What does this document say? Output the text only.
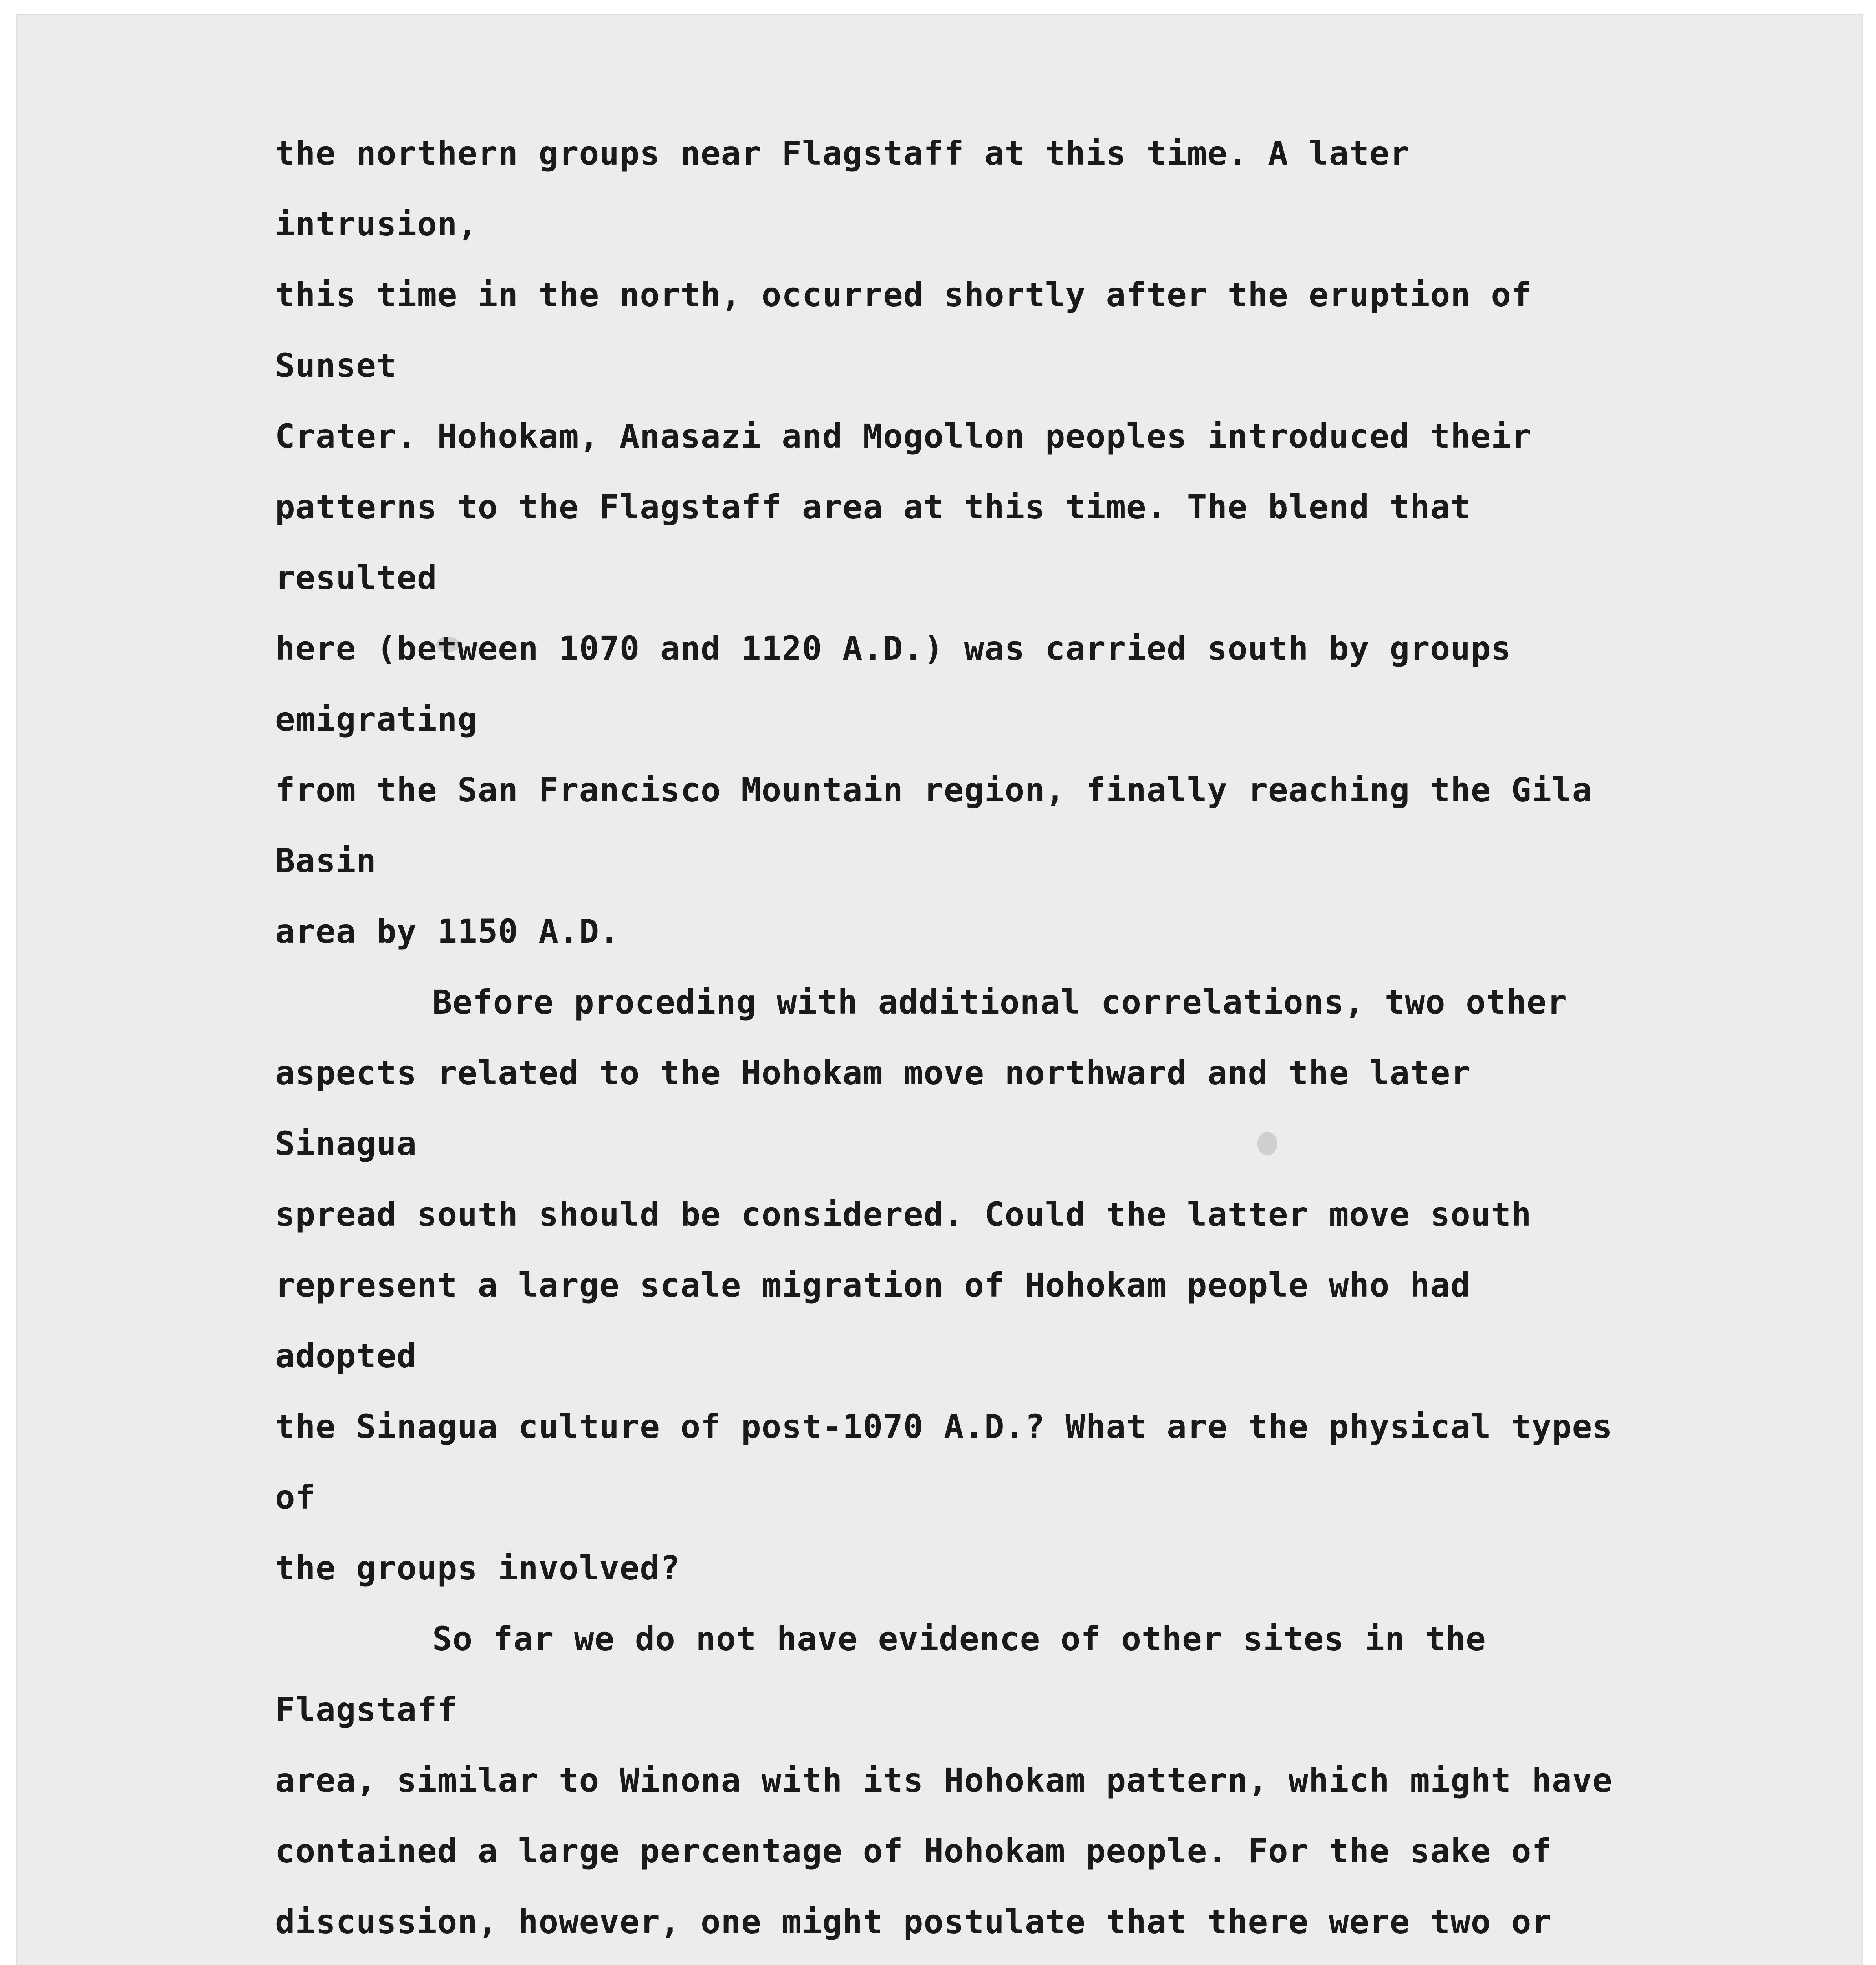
the northern groups near Flagstaff at this time. A later intrusion,
this time in the north, occurred shortly after the eruption of Sunset
Crater. Hohokam, Anasazi and Mogollon peoples introduced their
patterns to the Flagstaff area at this time. The blend that resulted
here (between 1070 and 1120 A.D.) was carried south by groups emigrating
from the San Francisco Mountain region, finally reaching the Gila Basin
area by 1150 A.D.

Before proceding with additional correlations, two other
aspects related to the Hohokam move northward and the later Sinagua
spread south should be considered. Could the latter move south
represent a large scale migration of Hohokam people who had adopted
the Sinagua culture of post-1070 A.D.? What are the physical types of
the groups involved?

So far we do not have evidence of other sites in the Flagstaff
area, similar to Winona with its Hohokam pattern, which might have
contained a large percentage of Hohokam people. For the sake of
discussion, however, one might postulate that there were two or
